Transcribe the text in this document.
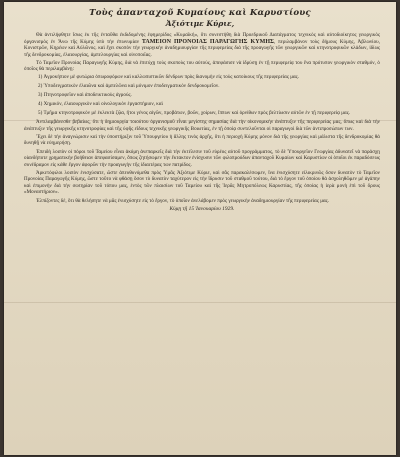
Τοὺς ἀπανταχοῦ Κυμαίους καὶ Καρυστίους
Ἀξιότιμε Κύριε,

Θὰ ἀντιλήφθητε ἴσως ἐκ τῆς ἐνταῦθα ἐκδιδομένης ἐφημερίδος «Κυμαϊκή», ὅτι συνεστήθη διὰ Προεδρικοῦ Διατάγματος τεχνικὸς καὶ αὐτοδιοίκητος γεωργικὸς ὀργανισμὸς ἐν Ἄνω τῆς Κύμης ὑπὸ τὴν ἐπωνυμίαν ΤΑΜΕΙΟΝ ΠΡΟΝΟΙΑΣ ΠΑΡΑΓΩΓΗΣ ΚΥΜΗΣ, περιλαμβάνον τοὺς δήμους Κύμης, Ἀβλωνίου, Κονιστρῶν, Κηρέων καὶ Αὐλῶνος. καὶ ἔχει σκοπὸν τὴν γεωργικὴν ἀναδημιουργίαν τῆς περιφερείας διὰ τῆς προαγωγῆς τῶν γεωργικῶν καὶ κτηνοτροφικῶν κλάδων, ἰδίως τῆς δενδροκομίας, ἐλαιουργίας, ἀμπελουργίας καὶ οἰνοποιΐας.

Τὸ Ταμεῖον Προνοίας Παραγωγῆς Κύμης, διὰ νὰ ἐπιτύχῃ τοὺς σκοποὺς του αὐτούς, ἀπεφάσισε νὰ ἱδρύσῃ ἐν τῇ περιφερείᾳ του ἕνα πρότυπον γεωργικὸν σταθμόν, ὁ ὁποῖος θὰ περιλαμβάνῃ:

1) Ἀγροκήπιον μὲ φυτώρια ὀπωροφόρων καὶ καλλωπιστικῶν δένδρων πρὸς διανομὴν εἰς τοὺς κατοίκους τῆς περιφερείας μας.

2) Ὑποδειγματικὸν ἐλαιῶνα καὶ ἀμπελῶνα καὶ μόνιμον ἐποδειγματικὸν δενδροκομεῖον.

3) Πτηνοτροφεῖον καὶ ἀποδεικτικοὺς ἀγρούς.

4) Χημικόν, ἐλαιουργικὸν καὶ οἰνολογικὸν ἐργαστήριον, καὶ

5) Τμῆμα κτηνοτροφικὸν μὲ ἐκλεκτὰ ζῷα, ἤτοι γένος αἰγῶν, προβάτων, βοῶν, χοίρων, ἵππων καὶ ὀρνίθων πρὸς βελτίωσιν αὐτῶν ἐν τῇ περιφερείᾳ μας.

Ἀντιλαμβάνεσθε βεβαίως, ὅτι ἡ δημιουργία τοιούτου ὀργανισμοῦ εἶναι μεγίστης σημασίας διὰ τὴν οἰκονομικὴν ἀνάπτυξιν τῆς περιφερείας μας, ὅπως καὶ διὰ τὴν ἀνάπτυξιν τῆς γεωργικῆς κτηνοτροφίας καὶ τῆς ὑφῆς εἴδους τεχνικῆς γεωργικῆς Βοιωτίας, ἐν τῇ ὁποίᾳ συντελοῦνται οἱ παραγωγοὶ διὰ τῶν ἀντιπροσώπων των.

Ἔχει δὲ τὴν ἀναγνώρισιν καὶ τὴν ὑποστήριξιν τοῦ Ὑπουργείου ἡ ἄλλης τινὸς ἀρχῆς, ὅτι ἡ περιοχὴ Κύμης μόνον διὰ τῆς γεωργίας καὶ μάλιστα τῆς δενδροκομίας θὰ δυνηθῇ νὰ εὐημερήσῃ.

Ἐπειδὴ λοιπὸν οἱ πόροι τοῦ Ταμείου εἶναι ἀκόμη ἀνεπαρκεῖς διὰ τὴν ἐκτέλεσιν τοῦ εὐρέος αὐτοῦ προγράμματος, τὸ δὲ Ὑπουργεῖον Γεωργίας ἀδυνατεῖ νὰ παράσχῃ οἰανδήποτε χρηματικὴν βοήθειαν ἀπεφασίσαμεν, ὅπως ζητήσωμεν τὴν ἔκτακτον ἐνίσχυσιν τῶν φιλοπροόδων ἀπανταχοῦ Κυμαίων καὶ Καρυστίων οἱ ὁποῖοι ἐκ παραδόσεως συνέδραμον εἰς κάθε ἔργον ἀφορῶν τὴν προαγωγὴν τῆς ἰδιαιτέρας των πατρίδος.

Ἀρκετόφιλοι λοιπὸν ἐνισχύσατε, ὥστε ἀπευθυνόμεθα πρὸς Ὑμᾶς Ἀξιότιμε Κύριε, καὶ σᾶς παρακαλέσωμεν, ἵνα ἐνισχύσητε εἰλικρινῶς ὅσον δυνατὸν τὸ Ταμεῖον Προνοίας Παραγωγῆς Κύμης, ὥστε τοῦτο νὰ φθάσῃ ὅσον τὸ δυνατὸν ταχύτερον εἰς τὴν ἵδρυσιν τοῦ σταθμοῦ τούτου, διὰ τὸ ἔργον τοῦ ὁποίου θὰ ἀσχοληθῶμεν μὲ ἀγάπην καὶ ἐπιμονὴν διὰ τὴν σωτηρίαν τοῦ τόπου μας, ἐντὸς τῶν πλαισίων τοῦ Ταμείου καὶ τῆς Ἱερᾶς Μητροπόλεως Καρυστίας, τῆς ὁποίας ἡ ἱερὰ μονὴ ἐπὶ τοῦ ὄρους «Μοναστήριον».

Ἐλπίζοντες δὲ, ὅτι θὰ θελήσητε νὰ μᾶς ἐνισχύσητε εἰς τὸ ἔργον, τὸ ὁποῖον ἀνελάβομεν πρὸς γεωργικὴν ἀναδημιουργίαν τῆς περιφερείας μας.

Κύμῃ τῇ 15 Ἰανουαρίου 1929.
